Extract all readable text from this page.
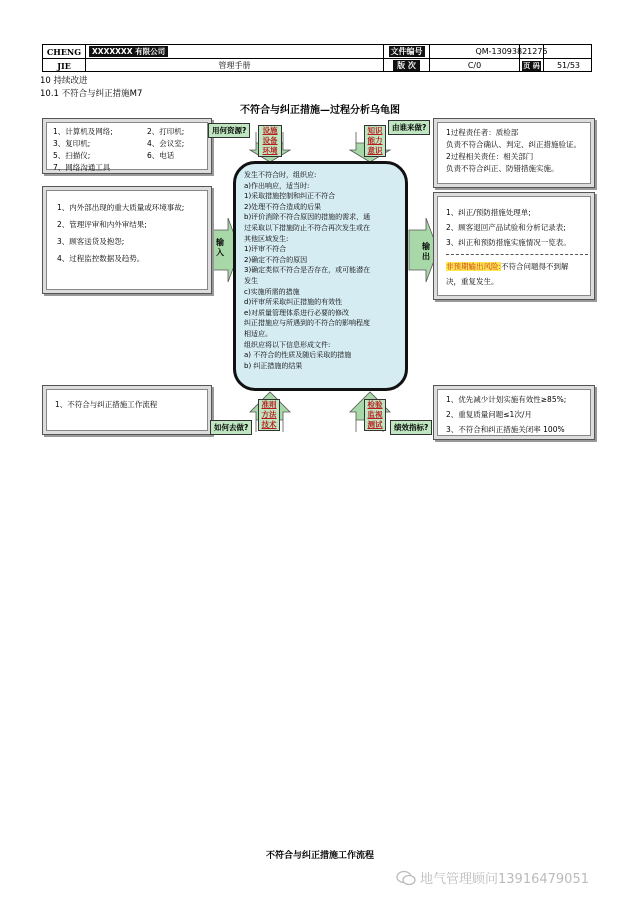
CHENG
JIE
XXXXXXX 有限公司
管理手册
文件编号	QM-13093821275
版 次	C/0	页 码	51/53
10 持续改进
10.1 不符合与纠正措施M7
不符合与纠正措施—过程分析乌龟图
1、计算机及网络;	2、打印机;
3、复印机;	4、会议室;
5、扫描仪;	6、电话
7、网络沟通工具
用何资源?	设施
设备
环境
1过程责任者：质检部
负责不符合确认、判定、纠正措施验证。
2过程相关责任：相关部门
负责不符合纠正、防错措施实施。
由谁来做?
知识
能力
意识
1、内外部出现的重大质量或环境事故;
2、管理评审和内外审结果;
3、顾客送货及抱怨;
4、过程监控数据及趋势。
输入
1、纠正/预防措施处理单;
2、顾客退回产品试验和分析记录表;
3、纠正和预防措施实施情况一览表。
非预期输出风险:不符合问题得不到解
决，重复发生。
输出
发生不符合时，组织应:
a)作出响应，适当时:
1)采取措施控制和纠正不符合
2)处理不符合造成的后果
b)评价消除不符合原因的措施的需求，通
过采取以下措施防止不符合再次发生或在
其他区域发生:
1)评审不符合
2)确定不符合的原因
3)确定类似不符合是否存在，或可能潜在
发生
c)实施所需的措施
d)评审所采取纠正措施的有效性
e)对质量管理体系进行必要的修改
纠正措施应与所遇到的不符合的影响程度
相适应。
组织应将以下信息形成文件:
a) 不符合的性质及随后采取的措施
b) 纠正措施的结果
1、不符合与纠正措施工作流程
如何去做?
准则
方法
技术
1、优先减少计划实施有效性≥85%;
2、重复质量问题≤1次/月
3、不符合和纠正措施关闭率 100%
绩效指标?
检验
监视
测试
不符合与纠正措施工作流程
地气管理顾问13916479051
